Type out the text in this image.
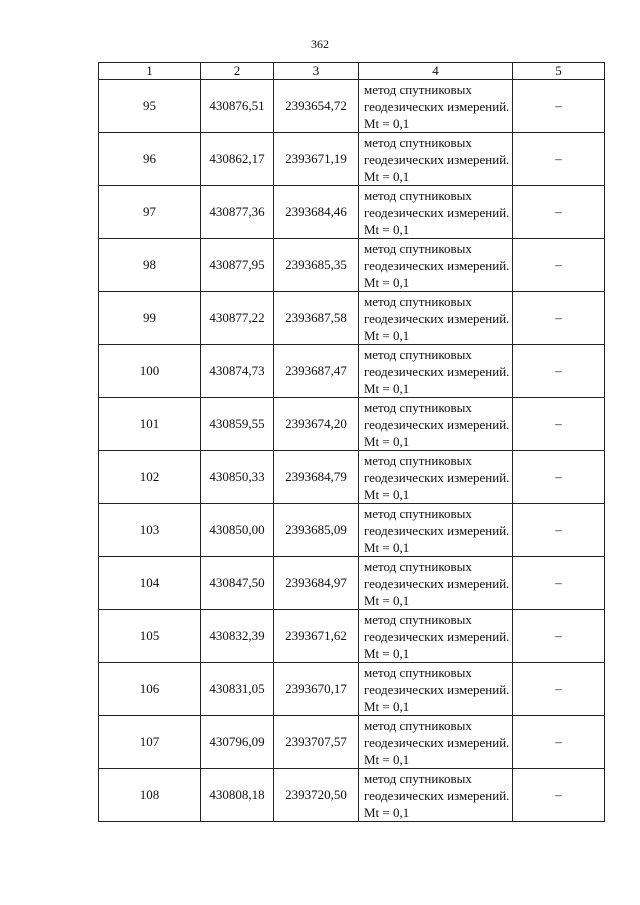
362
1	2	3	4	5
95	430876,51	2393654,72	метод спутниковых геодезических измерений. Mt = 0,1	–
96	430862,17	2393671,19	метод спутниковых геодезических измерений. Mt = 0,1	–
97	430877,36	2393684,46	метод спутниковых геодезических измерений. Mt = 0,1	–
98	430877,95	2393685,35	метод спутниковых геодезических измерений. Mt = 0,1	–
99	430877,22	2393687,58	метод спутниковых геодезических измерений. Mt = 0,1	–
100	430874,73	2393687,47	метод спутниковых геодезических измерений. Mt = 0,1	–
101	430859,55	2393674,20	метод спутниковых геодезических измерений. Mt = 0,1	–
102	430850,33	2393684,79	метод спутниковых геодезических измерений. Mt = 0,1	–
103	430850,00	2393685,09	метод спутниковых геодезических измерений. Mt = 0,1	–
104	430847,50	2393684,97	метод спутниковых геодезических измерений. Mt = 0,1	–
105	430832,39	2393671,62	метод спутниковых геодезических измерений. Mt = 0,1	–
106	430831,05	2393670,17	метод спутниковых геодезических измерений. Mt = 0,1	–
107	430796,09	2393707,57	метод спутниковых геодезических измерений. Mt = 0,1	–
108	430808,18	2393720,50	метод спутниковых геодезических измерений. Mt = 0,1	–
